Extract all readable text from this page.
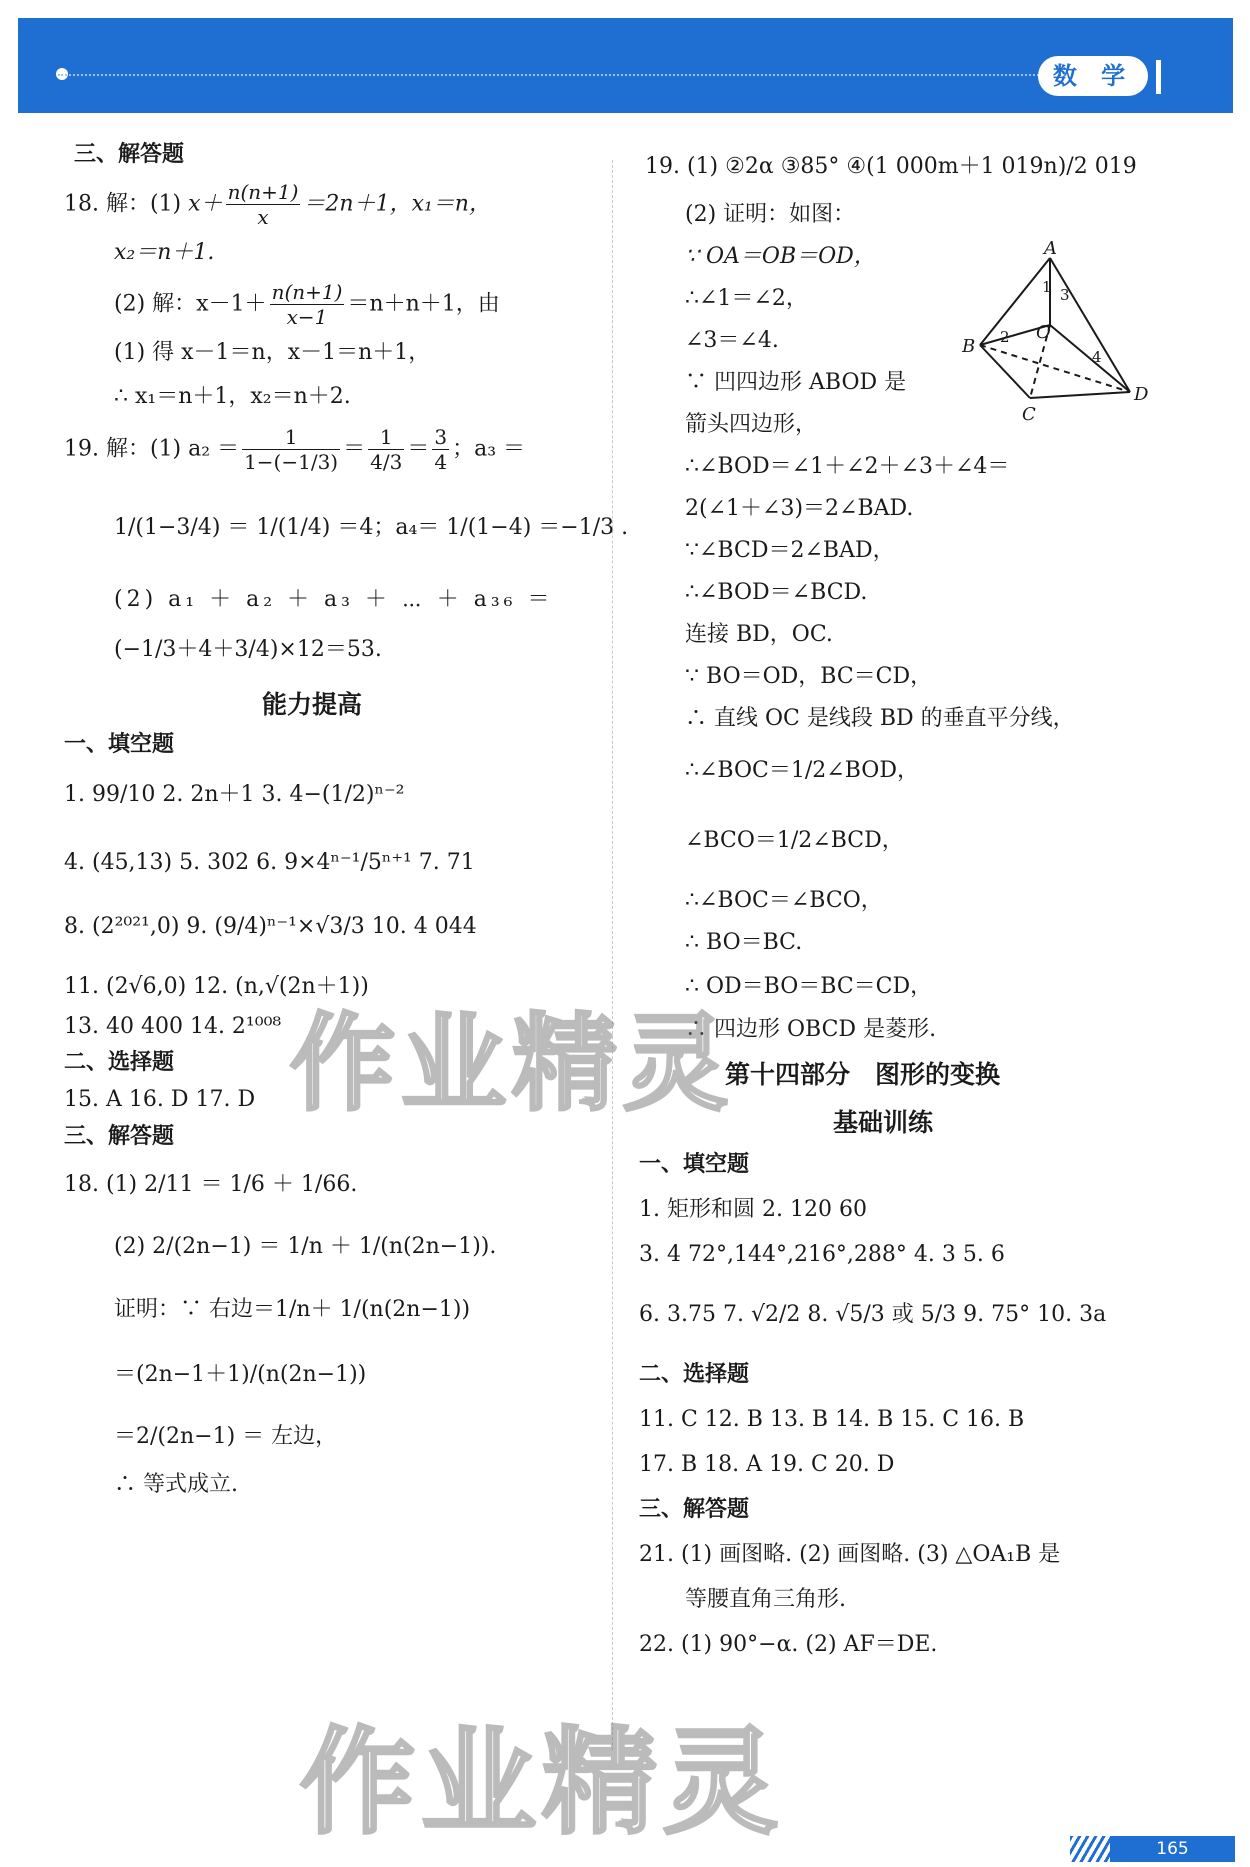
数 学
三、解答题
18. 解：(1) $x+ \frac{n(n+1)}{x} =2n+1$，x₁＝n，
x₂＝n＋1.
(2) 解：$x-1+ \frac{n(n+1)}{x-1} =n+n+1$，由
(1) 得 x－1＝n，x－1＝n＋1，
∴ x₁＝n＋1，x₂＝n＋2.
19. 解：(1) $a_2 = \frac{1}{1-(-1/3)} = \frac{1}{4/3} = \frac{3}{4}$ ；a₃ ＝
1/(1−3/4) ＝ 1/(1/4) ＝4；a₄＝ 1/(1−4) ＝−1/3 .
(2) a₁ ＋ a₂ ＋ a₃ ＋ ⋯ ＋ a₃₆ ＝
(−1/3＋4＋3/4)×12＝53.
能力提高
一、填空题
1. 99/10 2. 2n＋1 3. 4−(1/2)ⁿ⁻²
4. (45,13) 5. 302 6. 9×4ⁿ⁻¹/5ⁿ⁺¹ 7. 71
8. (2²⁰²¹,0) 9. (9/4)ⁿ⁻¹×√3/3 10. 4 044
11. (2√6,0) 12. (n,√(2n＋1))
13. 40 400 14. 2¹⁰⁰⁸
二、选择题
15. A 16. D 17. D
三、解答题
18. (1) 2/11 ＝ 1/6 ＋ 1/66.
(2) 2/(2n−1) ＝ 1/n ＋ 1/(n(2n−1)).
证明：∵ 右边＝1/n＋ 1/(n(2n−1))
＝(2n−1＋1)/(n(2n−1))
＝2/(2n−1) ＝ 左边，
∴ 等式成立.
19. (1) ②2α ③85° ④(1 000m＋1 019n)/2 019
(2) 证明：如图：
∵ OA＝OB＝OD，
∴∠1＝∠2，
∠3＝∠4.
∵ 凹四边形 ABOD 是
箭头四边形，
∴∠BOD＝∠1＋∠2＋∠3＋∠4＝
2(∠1＋∠3)＝2∠BAD.
∵∠BCD＝2∠BAD，
∴∠BOD＝∠BCD.
连接 BD，OC.
∵ BO＝OD，BC＝CD，
∴ 直线 OC 是线段 BD 的垂直平分线，
∴∠BOC＝1/2∠BOD，
∠BCO＝1/2∠BCD，
∴∠BOC＝∠BCO，
∴ BO＝BC.
∴ OD＝BO＝BC＝CD，
∴ 四边形 OBCD 是菱形.
第十四部分　图形的变换
基础训练
一、填空题
1. 矩形和圆 2. 120 60
3. 4 72°,144°,216°,288° 4. 3 5. 6
6. 3.75 7. √2/2 8. √5/3 或 5/3 9. 75° 10. 3a
二、选择题
11. C 12. B 13. B 14. B 15. C 16. B
17. B 18. A 19. C 20. D
三、解答题
21. (1) 画图略. (2) 画图略. (3) △OA₁B 是
等腰直角三角形.
22. (1) 90°−α. (2) AF＝DE.
A
B
C
D
O
1
2
3
4
作业精灵
作业精灵	165
